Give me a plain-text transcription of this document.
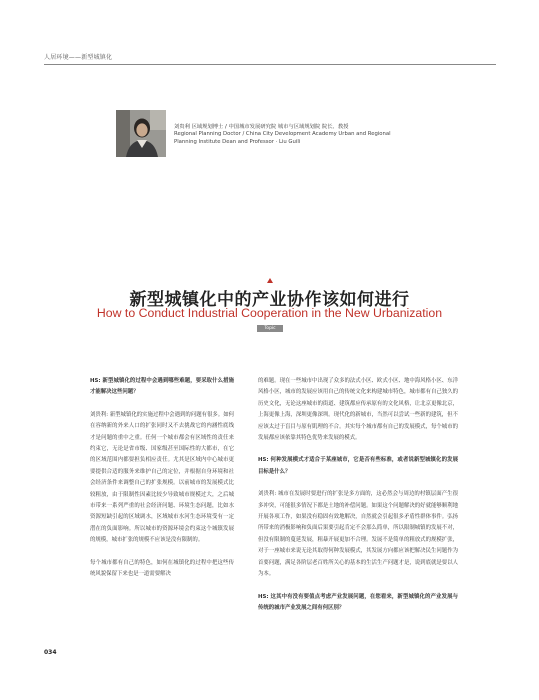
人居环境——新型城镇化
刘贵利 区域规划博士 / 中国城市发展研究院 城市与区域规划院 院长、教授
Regional Planning Doctor / China City Development Academy Urban and Regional
Planning Institute Dean and Professor · Liu Guili
新型城镇化中的产业协作该如何进行
How to Conduct Industrial Cooperation in the New Urbanization
Topic

HS: 新型城镇化的过程中会遇到哪些难题，要采取什么措施才能解决这些问题？

刘贵利: 新型城镇化的实施过程中会遇到的问题有很多。如何在容纳新的外来人口的扩张同时又不去挑战它的内涵性底线才是问题的重中之重。任何一个城市都会有区域性的责任来约束它，无论是省市级、国家级甚至国际性的大都市，在它的区域范围内都要担负相应责任。尤其是区域内中心城市更要提供合适的服务来维护自己的定位，并根据自身环境和社会经济条件来调整自己的扩张规模。以前城市的发展模式比较粗放，由于限制性因素比较少导致城市规模过大，之后城市带来一系列严重的社会经济问题、环境生态问题，比如水资源短缺引起的区域调水，区域城市水河生态环境受有一定潜在的负面影响。所以城市的资源环境会约束这个城镇发展的规模，城市扩张的规模不应该是没有限制的。

每个城市都有自己的特色，如何在城镇化的过程中把这些传统风貌保留下来也是一道需要解决

的难题。现在一些城市中出现了众多的法式小区、欧式小区、地中海风格小区、东洋风格小区，城市的发展应该用自己的传统文化来构建城市特色，城市都有自己独久的历史文化，无论这座城市的街道、建筑都应传承原有的文化风格，让北京更像北京，上海更像上海，深圳更像深圳。现代化的新城市，当然可以尝试一些新的建筑，但不应该太过于盲目与原有肌理的不合。其实每个城市都有自己的发展模式，每个城市的发展都应该依靠其特色优势来发展的模式。

HS: 何种发展模式才适合于某座城市，它是否有些标准，或者说新型城镇化的发展目标是什么？

刘贵利: 城市在发展时要进行的扩张是多方面的，这必然会与周边的村镇层面产生很多冲突，可能很多情况下都是土地的补偿问题。如果这个问题解决的好就能够顺利地开展各项工作，如果没有稳固有效地解决，自然就会引起很多矛盾性群体事件。弘扬所带来的消极影响和负面后果要引起肯定不会那么简单，所以限制城镇的发展不对，但没有限制的蔓延发展，粗暴开展更加不合理。发展不是简单的粗放式的规模扩张，对于一座城市来说无论其取得何种发展模式，其发展方向都应该把解决民生问题作为首要问题，满足各阶层老百姓所关心的基本的生活生产问题才是，说到底就是要以人为本。

HS: 这其中有没有要值点考虑产业发展问题，在您看来，新型城镇化的产业发展与传统的城市产业发展之间有何区别？

034
